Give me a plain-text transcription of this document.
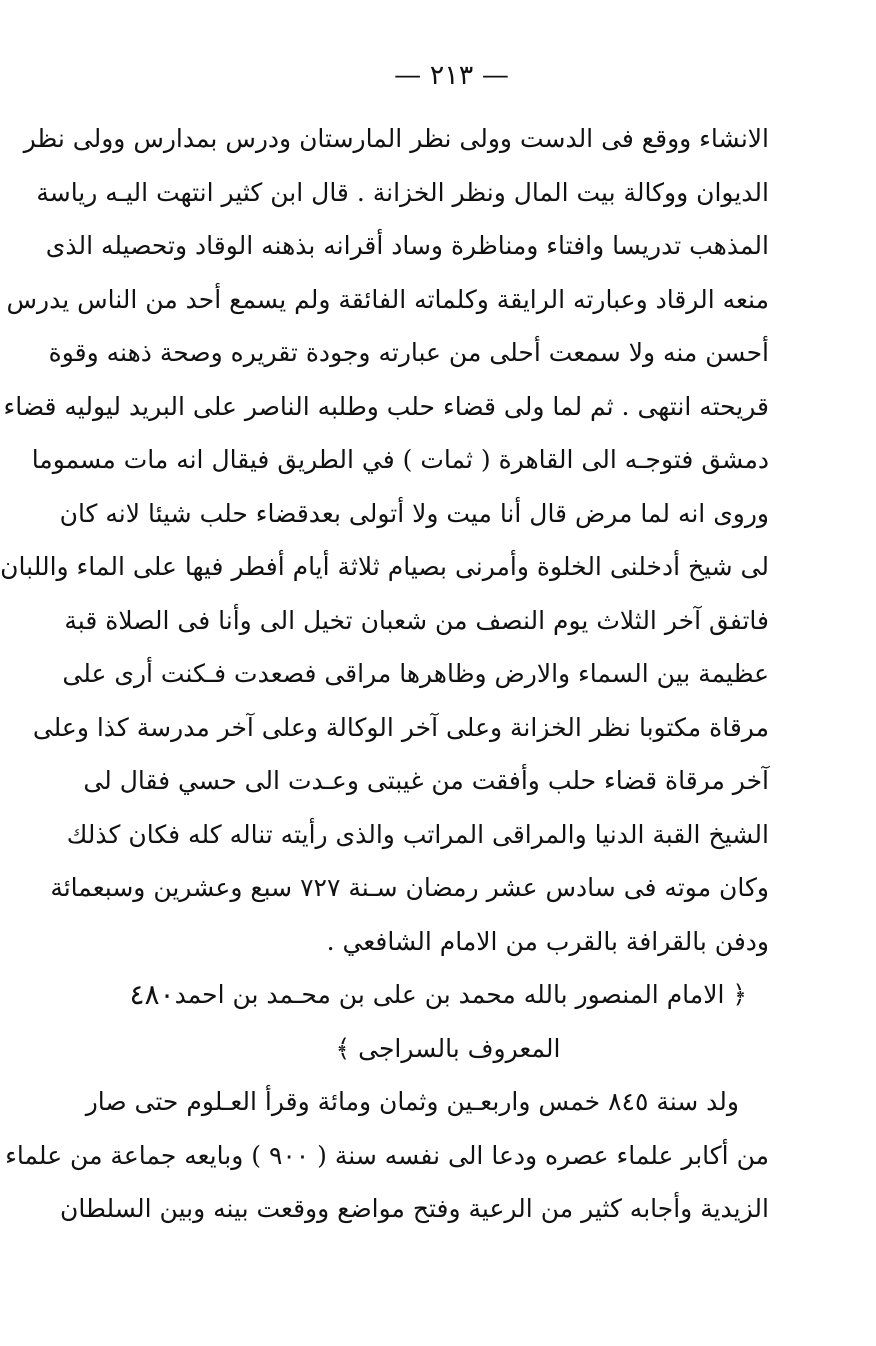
— ٢١٣ —
الانشاء ووقع فى الدست وولى نظر المارستان ودرس بمدارس وولى نظر
الديوان ووكالة بيت المال ونظر الخزانة . قال ابن كثير انتهت اليـه رياسة
المذهب تدريسا وافتاء ومناظرة وساد أقرانه بذهنه الوقاد وتحصيله الذى
منعه الرقاد وعبارته الرايقة وكلماته الفائقة ولم يسمع أحد من الناس يدرس
أحسن منه ولا سمعت أحلى من عبارته وجودة تقريره وصحة ذهنه وقوة
قريحته انتهى . ثم لما ولى قضاء حلب وطلبه الناصر على البريد ليوليه قضاء
دمشق فتوجـه الى القاهرة ( ثمات ) في الطريق فيقال انه مات مسموما
وروى انه لما مرض قال أنا ميت ولا أتولى بعدقضاء حلب شيئا لانه كان
لى شيخ أدخلنى الخلوة وأمرنى بصيام ثلاثة أيام أفطر فيها على الماء واللبان
فاتفق آخر الثلاث يوم النصف من شعبان تخيل الى وأنا فى الصلاة قبة
عظيمة بين السماء والارض وظاهرها مراقى فصعدت فـكنت أرى على
مرقاة مكتوبا نظر الخزانة وعلى آخر الوكالة وعلى آخر مدرسة كذا وعلى
آخر مرقاة قضاء حلب وأفقت من غيبتى وعـدت الى حسي فقال لى
الشيخ القبة الدنيا والمراقى المراتب والذى رأيته تناله كله فكان كذلك
وكان موته فى سادس عشر رمضان سـنة ٧٢٧ سبع وعشرين وسبعمائة
ودفن بالقرافة بالقرب من الامام الشافعي .
﴿ الامام المنصور بالله محمد بن على بن محـمد بن احمد
٤٨٠
المعروف بالسراجى ﴾
ولد سنة ٨٤٥ خمس واربعـين وثمان ومائة وقرأ العـلوم حتى صار
من أكابر علماء عصره ودعا الى نفسه سنة ( ٩٠٠ ) وبايعه جماعة من علماء
الزيدية وأجابه كثير من الرعية وفتح مواضع ووقعت بينه وبين السلطان
